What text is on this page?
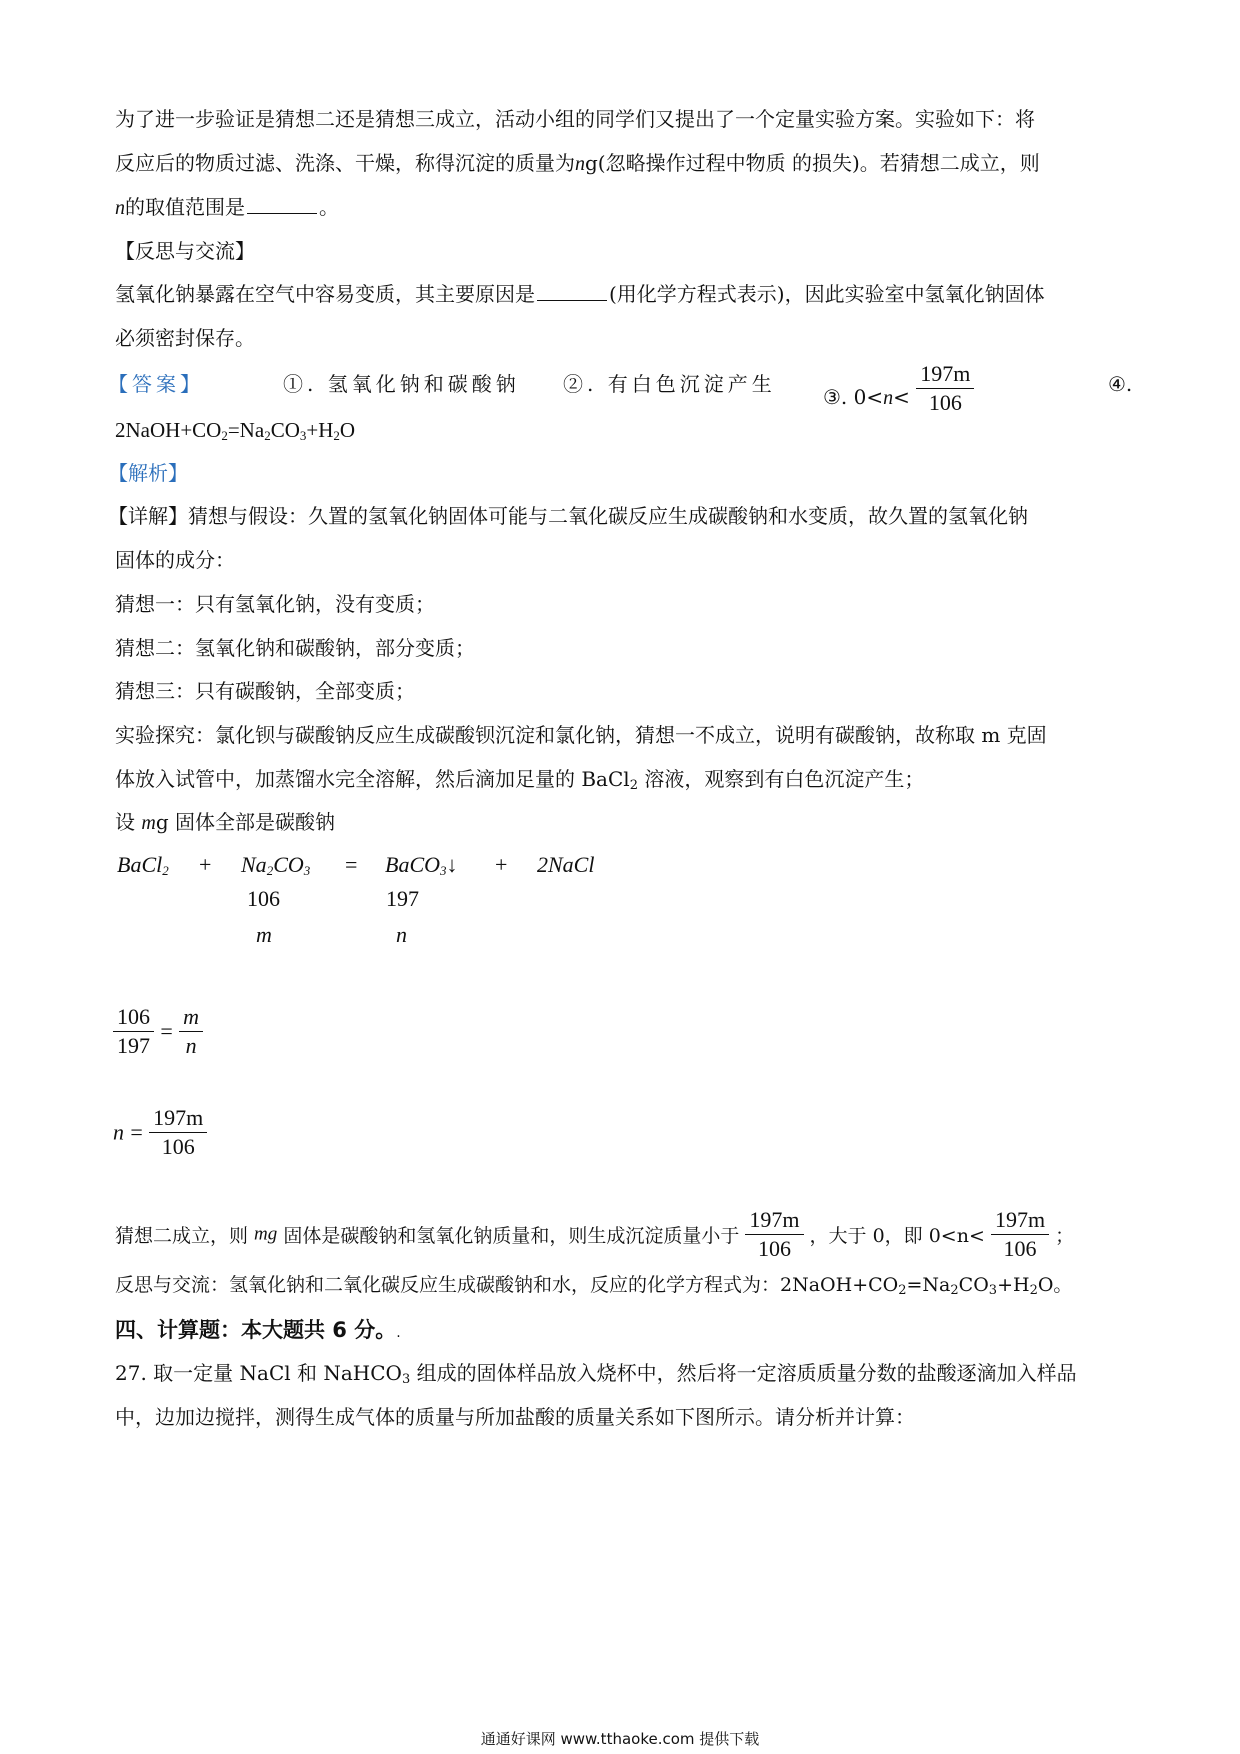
为了进一步验证是猜想二还是猜想三成立，活动小组的同学们又提出了一个定量实验方案。实验如下：将
反应后的物质过滤、洗涤、干燥，称得沉淀的质量为ng(忽略操作过程中物质 的损失)。若猜想二成立，则
n的取值范围是	。
【反思与交流】
氢氧化钠暴露在空气中容易变质，其主要原因是	(用化学方程式表示)，因此实验室中氢氧化钠固体
必须密封保存。
【答案】	①. 氢氧化钠和碳酸钠 ②. 有白色沉淀产生
③. $0<n< \frac{197m}{106}$	④.
$2NaOH+CO_2=Na_2CO_3+H_2O$
【解析】
【详解】猜想与假设：久置的氢氧化钠固体可能与二氧化碳反应生成碳酸钠和水变质，故久置的氢氧化钠
固体的成分：
猜想一：只有氢氧化钠，没有变质；
猜想二：氢氧化钠和碳酸钠，部分变质；
猜想三：只有碳酸钠，全部变质；
实验探究：氯化钡与碳酸钠反应生成碳酸钡沉淀和氯化钠，猜想一不成立，说明有碳酸钠，故称取 m 克固
体放入试管中，加蒸馏水完全溶解，然后滴加足量的 BaCl$_2$ 溶液，观察到有白色沉淀产生；
设 mg 固体全部是碳酸钠
BaCl$_2$ + $Na_2CO_3$ = BaCO$_3$↓ + 2NaCl
106	197
m	n
$\frac{106}{197} = \frac{m}{n}$
$n = \frac{197m}{106}$
猜想二成立，则 mg 固体是碳酸钠和氢氧化钠质量和，则生成沉淀质量小于 $\frac{197m}{106}$ ，大于 0，即 $0<n< \frac{197m}{106}$ ；
反思与交流：氢氧化钠和二氧化碳反应生成碳酸钠和水，反应的化学方程式为：$2NaOH+CO_2=Na_2CO_3+H_2O$。
四、计算题：本大题共 6 分。.
27. 取一定量 NaCl 和 NaHCO$_3$ 组成的固体样品放入烧杯中，然后将一定溶质质量分数的盐酸逐滴加入样品
中，边加边搅拌，测得生成气体的质量与所加盐酸的质量关系如下图所示。请分析并计算：
通通好课网 www.tthaoke.com 提供下载
